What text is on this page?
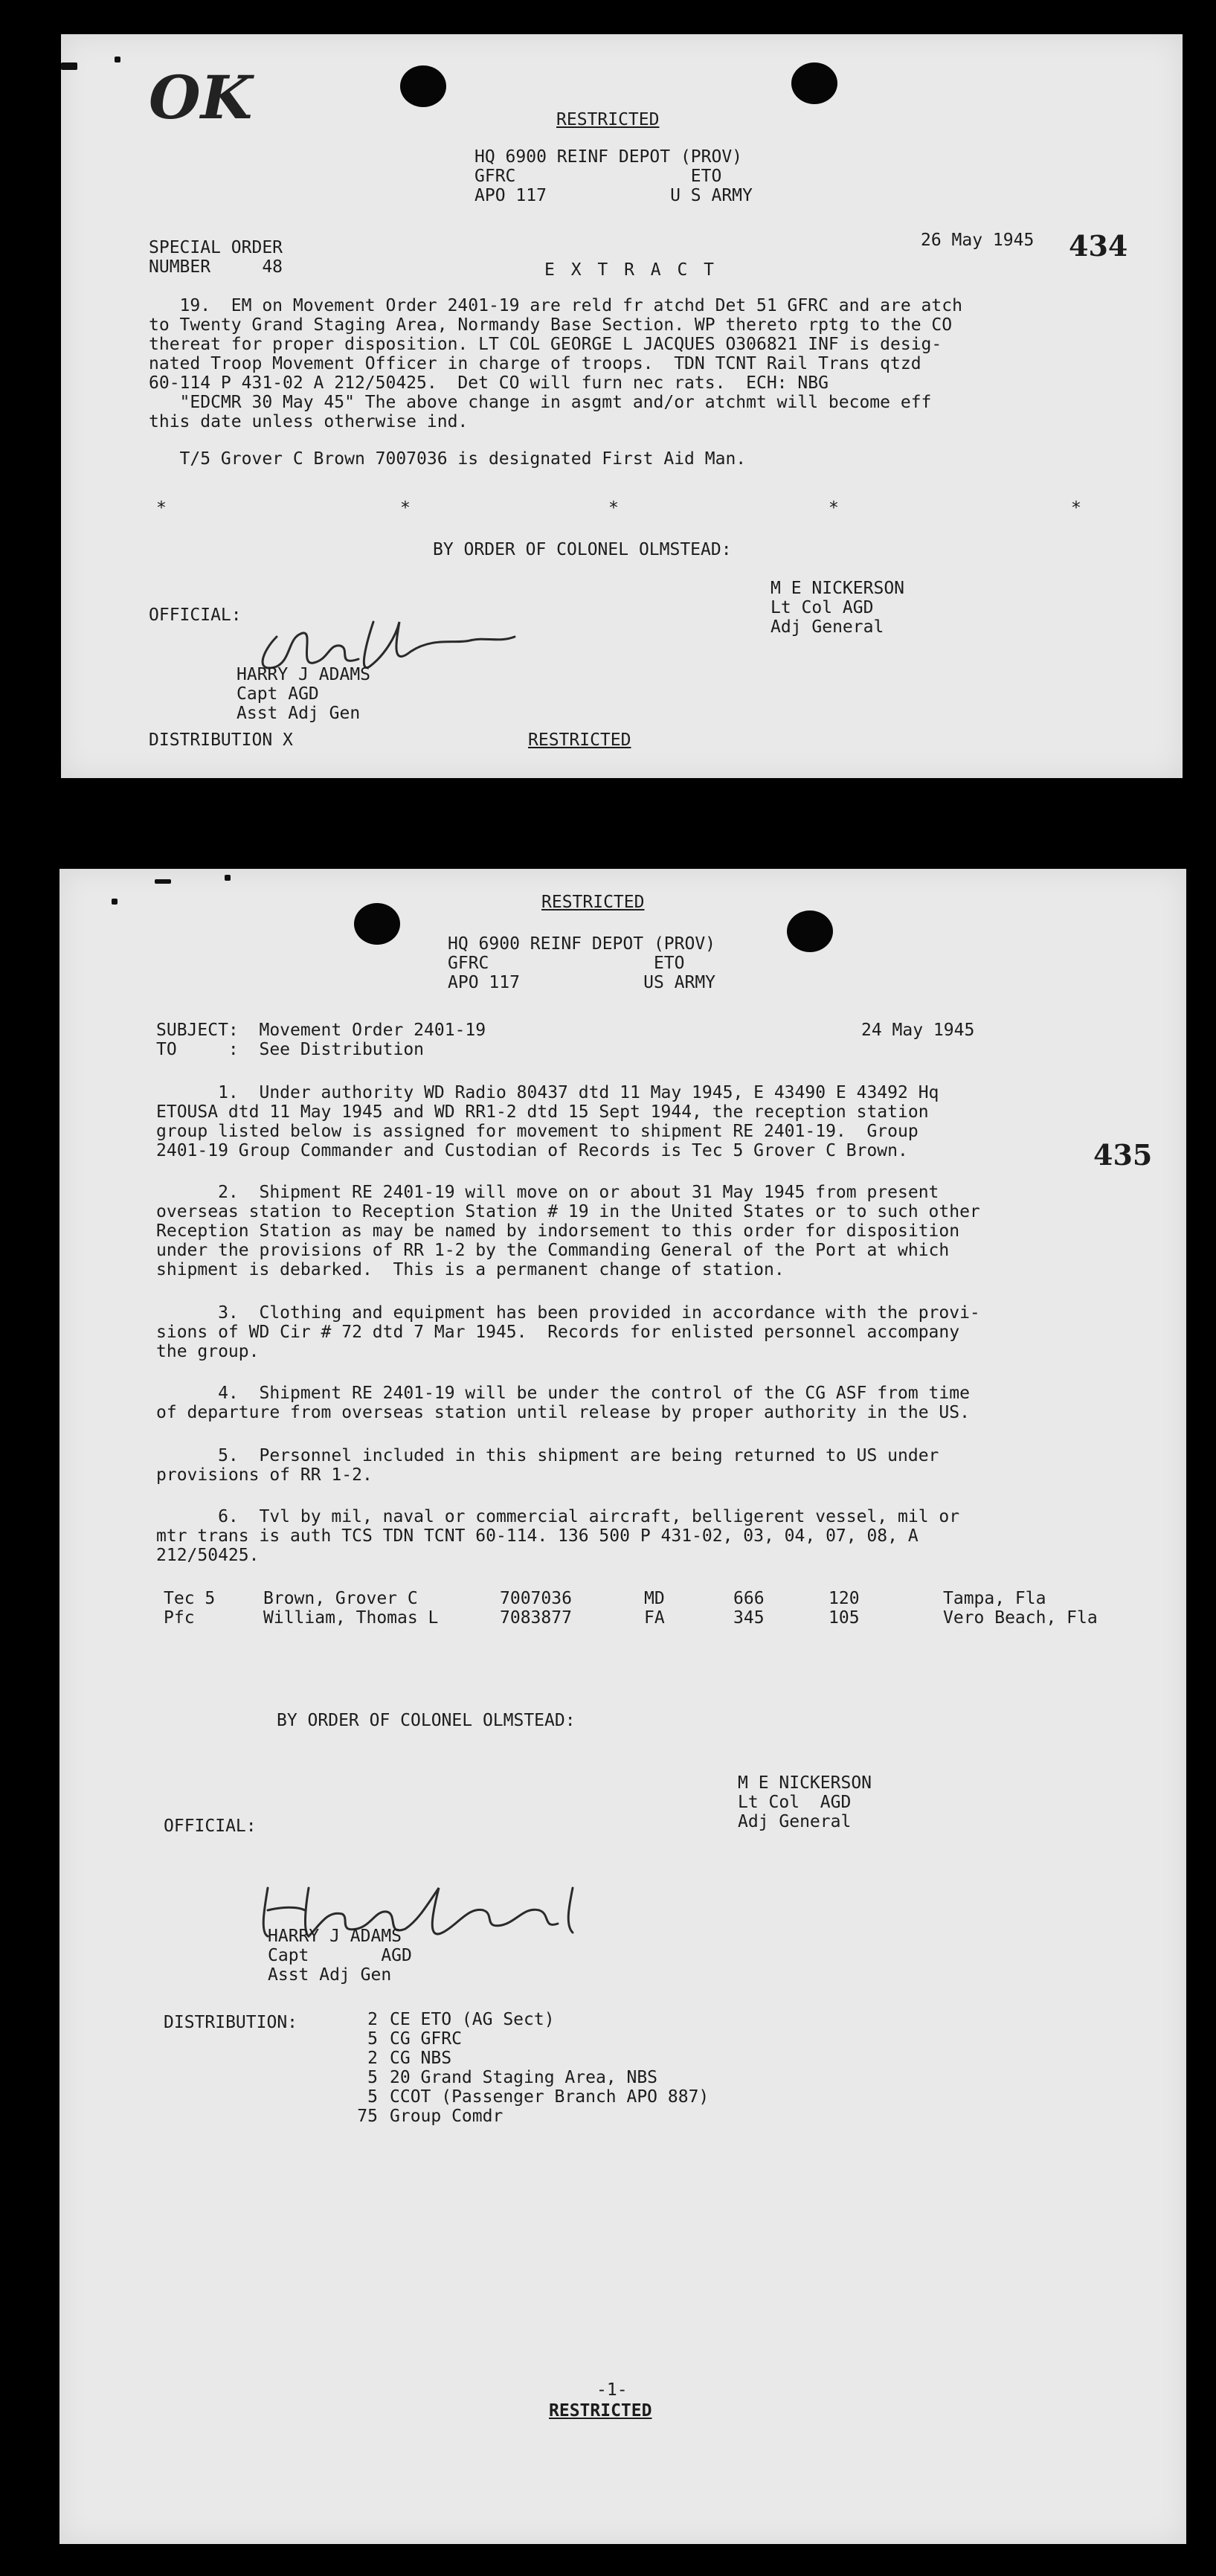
OK	RESTRICTED
HQ 6900 REINF DEPOT (PROV)
GFRC                 ETO
APO 117            U S ARMY
SPECIAL ORDER
NUMBER     48
26 May 1945 434
E X T R A C T
19.  EM on Movement Order 2401-19 are reld fr atchd Det 51 GFRC and are atch
to Twenty Grand Staging Area, Normandy Base Section. WP thereto rptg to the CO
thereat for proper disposition. LT COL GEORGE L JACQUES O306821 INF is desig-
nated Troop Movement Officer in charge of troops.  TDN TCNT Rail Trans qtzd
60-114 P 431-02 A 212/50425.  Det CO will furn nec rats.  ECH: NBG
"EDCMR 30 May 45" The above change in asgmt and/or atchmt will become eff
this date unless otherwise ind.
T/5 Grover C Brown 7007036 is designated First Aid Man.
*	*	*	*	*
BY ORDER OF COLONEL OLMSTEAD:
M E NICKERSON
Lt Col AGD
Adj General
OFFICIAL:
HARRY J ADAMS
Capt AGD
Asst Adj Gen
DISTRIBUTION X	RESTRICTED
RESTRICTED
HQ 6900 REINF DEPOT (PROV)
GFRC                ETO
APO 117            US ARMY
SUBJECT:  Movement Order 2401-19
TO     :  See Distribution
24 May 1945
435
1.  Under authority WD Radio 80437 dtd 11 May 1945, E 43490 E 43492 Hq
ETOUSA dtd 11 May 1945 and WD RR1-2 dtd 15 Sept 1944, the reception station
group listed below is assigned for movement to shipment RE 2401-19.  Group
2401-19 Group Commander and Custodian of Records is Tec 5 Grover C Brown.
2.  Shipment RE 2401-19 will move on or about 31 May 1945 from present
overseas station to Reception Station # 19 in the United States or to such other
Reception Station as may be named by indorsement to this order for disposition
under the provisions of RR 1-2 by the Commanding General of the Port at which
shipment is debarked.  This is a permanent change of station.
3.  Clothing and equipment has been provided in accordance with the provi-
sions of WD Cir # 72 dtd 7 Mar 1945.  Records for enlisted personnel accompany
the group.
4.  Shipment RE 2401-19 will be under the control of the CG ASF from time
of departure from overseas station until release by proper authority in the US.
5.  Personnel included in this shipment are being returned to US under
provisions of RR 1-2.
6.  Tvl by mil, naval or commercial aircraft, belligerent vessel, mil or
mtr trans is auth TCS TDN TCNT 60-114. 136 500 P 431-02, 03, 04, 07, 08, A
212/50425.
Tec 5	Brown, Grover C	7007036	MD	666	120	Tampa, Fla
Pfc	William, Thomas L	7083877	FA	345	105	Vero Beach, Fla
BY ORDER OF COLONEL OLMSTEAD:
M E NICKERSON
Lt Col  AGD
Adj General
OFFICIAL:
HARRY J ADAMS
Capt       AGD
Asst Adj Gen
DISTRIBUTION:	2 CE ETO (AG Sect)
5 CG GFRC
2 CG NBS
5 20 Grand Staging Area, NBS
5 CCOT (Passenger Branch APO 887)
75 Group Comdr
-1-
RESTRICTED
